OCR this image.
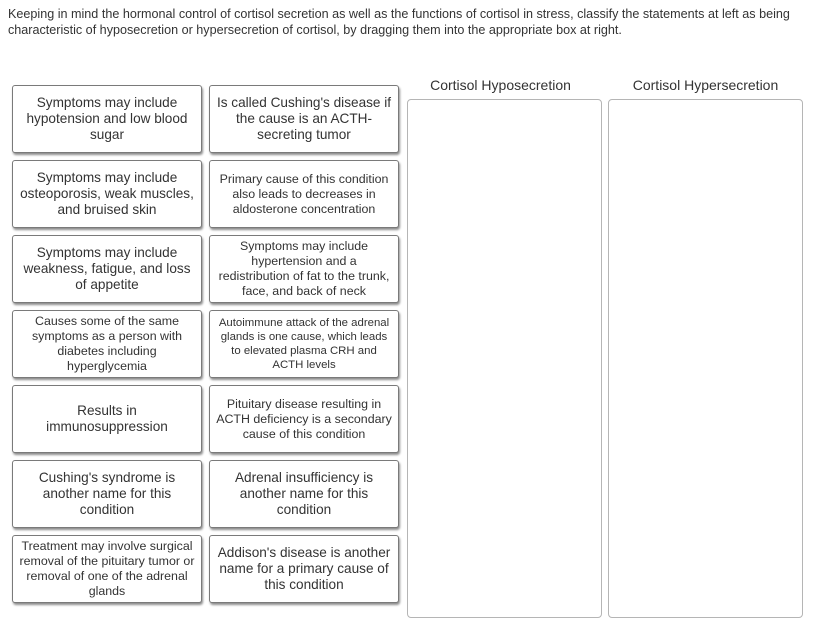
Keeping in mind the hormonal control of cortisol secretion as well as the functions of cortisol in stress, classify the statements at left as being characteristic of hyposecretion or hypersecretion of cortisol, by dragging them into the appropriate box at right.
Symptoms may include hypotension and low blood sugar
Is called Cushing's disease if the cause is an ACTH-secreting tumor
Symptoms may include osteoporosis, weak muscles, and bruised skin
Primary cause of this condition also leads to decreases in aldosterone concentration
Symptoms may include weakness, fatigue, and loss of appetite
Symptoms may include hypertension and a redistribution of fat to the trunk, face, and back of neck
Causes some of the same symptoms as a person with diabetes including hyperglycemia
Autoimmune attack of the adrenal glands is one cause, which leads to elevated plasma CRH and ACTH levels
Results in immunosuppression
Pituitary disease resulting in ACTH deficiency is a secondary cause of this condition
Cushing's syndrome is another name for this condition
Adrenal insufficiency is another name for this condition
Treatment may involve surgical removal of the pituitary tumor or removal of one of the adrenal glands
Addison's disease is another name for a primary cause of this condition
Cortisol Hyposecretion	Cortisol Hypersecretion
